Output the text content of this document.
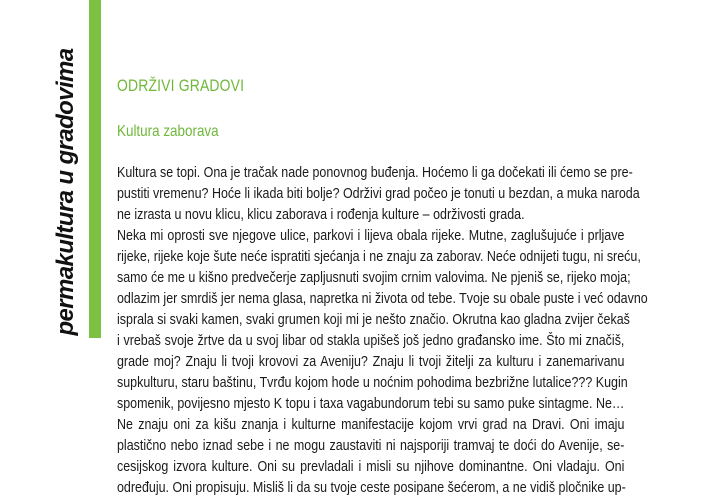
permakultura u gradovima ODRŽIVI GRADOVI
Kultura zaborava
Kultura se topi. Ona je tračak nade ponovnog buđenja. Hoćemo li ga dočekati ili ćemo se pre-
pustiti vremenu? Hoće li ikada biti bolje? Održivi grad počeo je tonuti u bezdan, a muka naroda
ne izrasta u novu klicu, klicu zaborava i rođenja kulture – održivosti grada.
Neka mi oprosti sve njegove ulice, parkovi i lijeva obala rijeke. Mutne, zaglušujuće i prljave
rijeke, rijeke koje šute neće ispratiti sjećanja i ne znaju za zaborav. Neće odnijeti tugu, ni sreću,
samo će me u kišno predvečerje zapljusnuti svojim crnim valovima. Ne pjeniš se, rijeko moja;
odlazim jer smrdiš jer nema glasa, napretka ni života od tebe. Tvoje su obale puste i već odavno
isprala si svaki kamen, svaki grumen koji mi je nešto značio. Okrutna kao gladna zvijer čekaš
i vrebaš svoje žrtve da u svoj libar od stakla upišeš još jedno građansko ime. Što mi značiš,
grade moj? Znaju li tvoji krovovi za Aveniju? Znaju li tvoji žitelji za kulturu i zanemarivanu
supkulturu, staru baštinu, Tvrđu kojom hode u noćnim pohodima bezbrižne lutalice??? Kugin
spomenik, povijesno mjesto K topu i taxa vagabundorum tebi su samo puke sintagme. Ne…
Ne znaju oni za kišu znanja i kulturne manifestacije kojom vrvi grad na Dravi. Oni imaju
plastično nebo iznad sebe i ne mogu zaustaviti ni najsporiji tramvaj te doći do Avenije, se-
cesijskog izvora kulture. Oni su prevladali i misli su njihove dominantne. Oni vladaju. Oni
određuju. Oni propisuju. Misliš li da su tvoje ceste posipane šećerom, a ne vidiš pločnike up-
